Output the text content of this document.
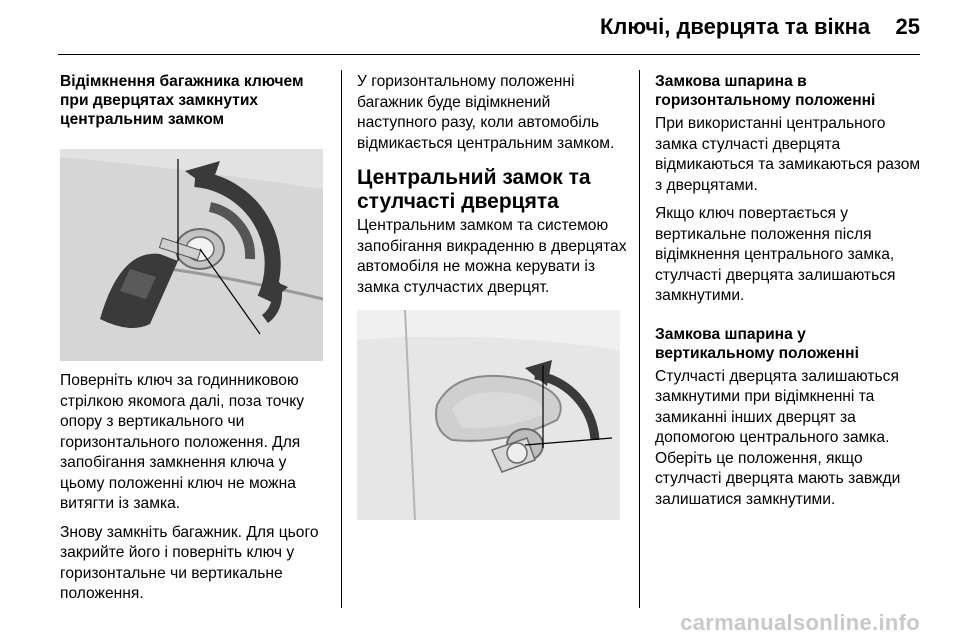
Ключі, дверцята та вікна 25
Відімкнення багажника ключем при дверцятах замкнутих центральним замком

Поверніть ключ за годинниковою стрілкою якомога далі, поза точку опору з вертикального чи горизонтального положення. Для запобігання замкнення ключа у цьому положенні ключ не можна витягти із замка.

Знову замкніть багажник. Для цього закрийте його і поверніть ключ у горизонтальне чи вертикальне положення.

У горизонтальному положенні багажник буде відімкнений наступного разу, коли автомобіль відмикається центральним замком.

Центральний замок та стулчасті дверцята

Центральним замком та системою запобігання викраденню в дверцятах автомобіля не можна керувати із замка стулчастих дверцят.

Замкова шпарина в горизонтальному положенні

При використанні центрального замка стулчасті дверцята відмикаються та замикаються разом з дверцятами.

Якщо ключ повертається у вертикальне положення після відімкнення центрального замка, стулчасті дверцята залишаються замкнутими.

Замкова шпарина у вертикальному положенні

Стулчасті дверцята залишаються замкнутими при відімкненні та замиканні інших дверцят за допомогою центрального замка. Оберіть це положення, якщо стулчасті дверцята мають завжди залишатися замкнутими.

carmanualsonline.info
